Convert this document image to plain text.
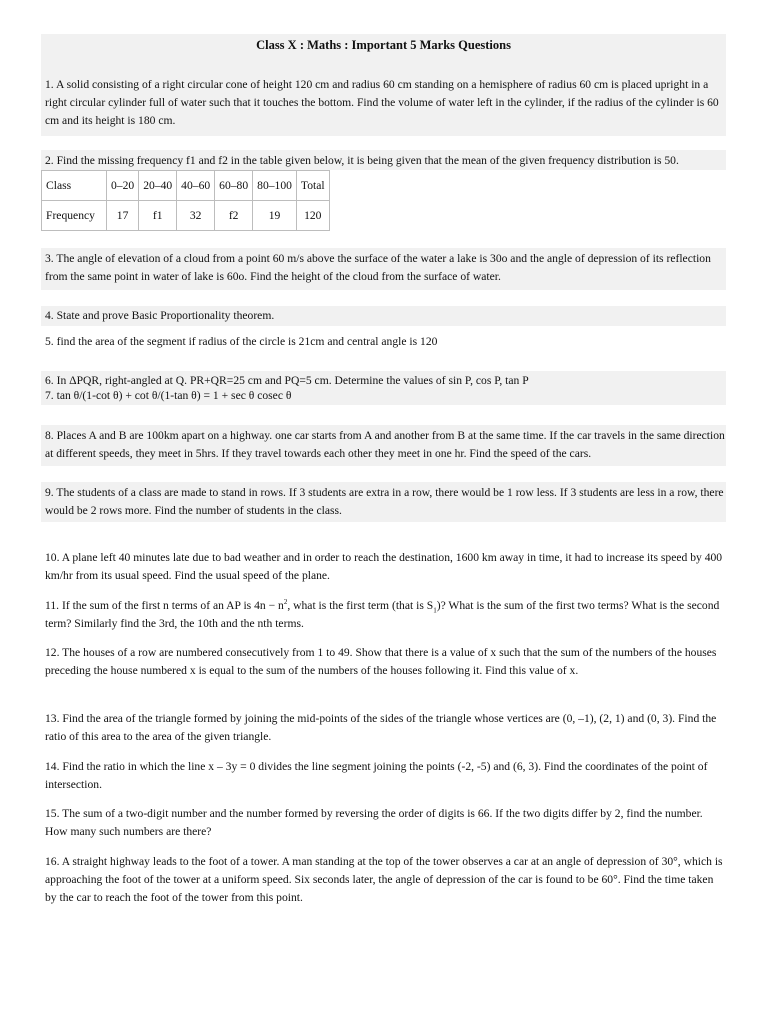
Class X : Maths : Important 5 Marks Questions
1. A solid consisting of a right circular cone of height 120 cm and radius 60 cm standing on a hemisphere of radius 60 cm is placed upright in a right circular cylinder full of water such that it touches the bottom. Find the volume of water left in the cylinder, if the radius of the cylinder is 60 cm and its height is 180 cm.
2. Find the missing frequency f1 and f2 in the table given below, it is being given that the mean of the given frequency distribution is 50.
Class	0–20	20–40	40–60	60–80	80–100	Total
Frequency	17	f1	32	f2	19	120
3. The angle of elevation of a cloud from a point 60 m/s above the surface of the water a lake is 30o and the angle of depression of its reflection from the same point in water of lake is 60o. Find the height of the cloud from the surface of water.
4. State and prove Basic Proportionality theorem.
5. find the area of the segment if radius of the circle is 21cm and central angle is 120
6. In ΔPQR, right-angled at Q. PR+QR=25 cm and PQ=5 cm. Determine the values of sin P, cos P, tan P
7. tan θ/(1-cot θ) + cot θ/(1-tan θ) = 1 + sec θ cosec θ
8. Places A and B are 100km apart on a highway. one car starts from A and another from B at the same time. If the car travels in the same direction at different speeds, they meet in 5hrs. If they travel towards each other they meet in one hr. Find the speed of the cars.
9. The students of a class are made to stand in rows. If 3 students are extra in a row, there would be 1 row less. If 3 students are less in a row, there would be 2 rows more. Find the number of students in the class.
10. A plane left 40 minutes late due to bad weather and in order to reach the destination, 1600 km away in time, it had to increase its speed by 400 km/hr from its usual speed. Find the usual speed of the plane.
11. If the sum of the first n terms of an AP is $4n - n^2$, what is the first term (that is $S_1$)? What is the sum of the first two terms? What is the second term? Similarly find the 3rd, the 10th and the nth terms.
12. The houses of a row are numbered consecutively from 1 to 49. Show that there is a value of x such that the sum of the numbers of the houses preceding the house numbered x is equal to the sum of the numbers of the houses following it. Find this value of x.
13. Find the area of the triangle formed by joining the mid-points of the sides of the triangle whose vertices are (0, –1), (2, 1) and (0, 3). Find the ratio of this area to the area of the given triangle.
14. Find the ratio in which the line x – 3y = 0 divides the line segment joining the points (-2, -5) and (6, 3). Find the coordinates of the point of intersection.
15. The sum of a two-digit number and the number formed by reversing the order of digits is 66. If the two digits differ by 2, find the number. How many such numbers are there?
16. A straight highway leads to the foot of a tower. A man standing at the top of the tower observes a car at an angle of depression of 30°, which is approaching the foot of the tower at a uniform speed. Six seconds later, the angle of depression of the car is found to be 60°. Find the time taken by the car to reach the foot of the tower from this point.
